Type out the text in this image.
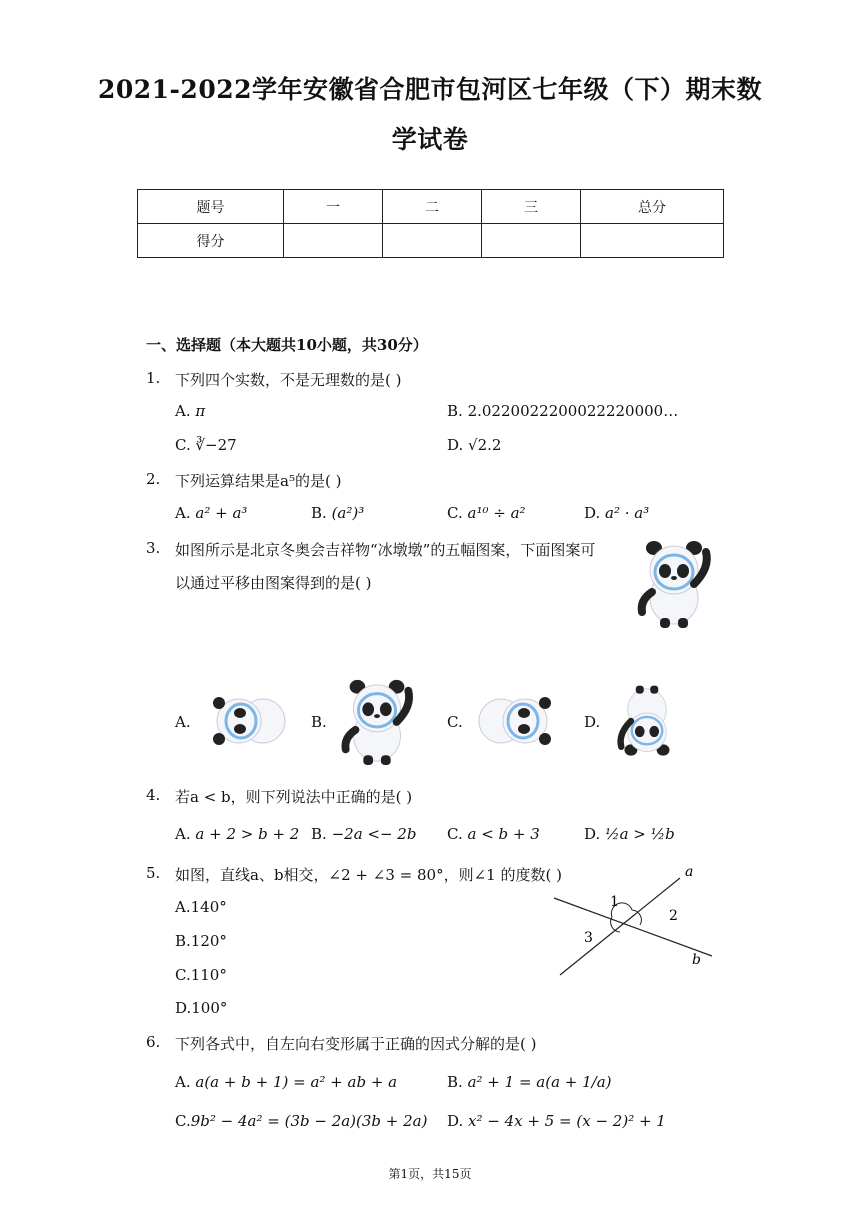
2021-2022学年安徽省合肥市包河区七年级（下）期末数
学试卷
题号	一	二	三	总分
得分				
一、选择题（本大题共10小题，共30分）
1. 下列四个实数，不是无理数的是( )
A. π	B. 2.0220022200022220000…
C. ∛−27	D. √2.2
2. 下列运算结果是a⁵的是( )
A. a² + a³	B. (a²)³	C. a¹⁰ ÷ a²	D. a² · a³
3. 如图所示是北京冬奥会吉祥物“冰墩墩”的五幅图案，下面图案可
以通过平移由图案得到的是( )
A.	B.	C.	D.
4. 若a < b，则下列说法中正确的是( )
A. a + 2 > b + 2 B. −2a <− 2b C. a < b + 3	D. ½a > ½b
5. 如图，直线a、b相交，∠2 + ∠3 = 80°，则∠1 的度数( )
A.140°
B.120°
C.110°
D.100°
a
b
1
2
3
6. 下列各式中，自左向右变形属于正确的因式分解的是( )
A. a(a + b + 1) = a² + ab + a	B. a² + 1 = a(a + 1/a)
C.9b² − 4a² = (3b − 2a)(3b + 2a) D. x² − 4x + 5 = (x − 2)² + 1
第1页，共15页
